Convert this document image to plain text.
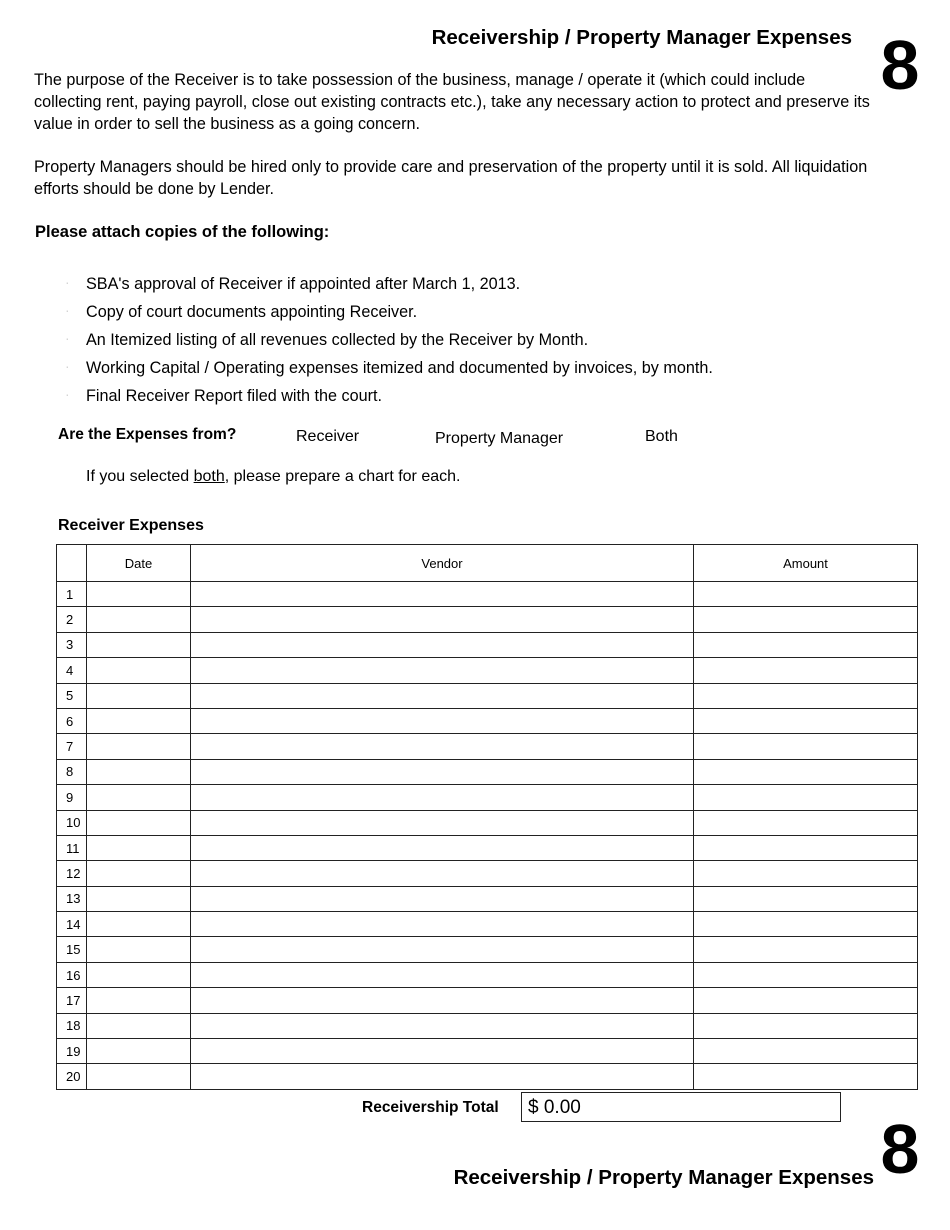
Receivership / Property Manager Expenses 8
The purpose of the Receiver is to take possession of the business, manage / operate it (which could include collecting rent, paying payroll, close out existing contracts etc.), take any necessary action to protect and preserve its value in order to sell the business as a going concern.
Property Managers should be hired only to provide care and preservation of the property until it is sold. All liquidation efforts should be done by Lender.
Please attach copies of the following:
·	SBA's approval of Receiver if appointed after March 1, 2013.
·	Copy of court documents appointing Receiver.
·	An Itemized listing of all revenues collected by the Receiver by Month.
·	Working Capital / Operating expenses itemized and documented by invoices, by month.
·	Final Receiver Report filed with the court.
Are the Expenses from?	Receiver	Property Manager	Both
If you selected both, please prepare a chart for each.
Receiver Expenses
	Date	Vendor	Amount
1			
2			
3			
4			
5			
6			
7			
8			
9			
10			
11			
12			
13			
14			
15			
16			
17			
18			
19			
20			
Receivership Total	$ 0.00
Receivership / Property Manager Expenses 8
